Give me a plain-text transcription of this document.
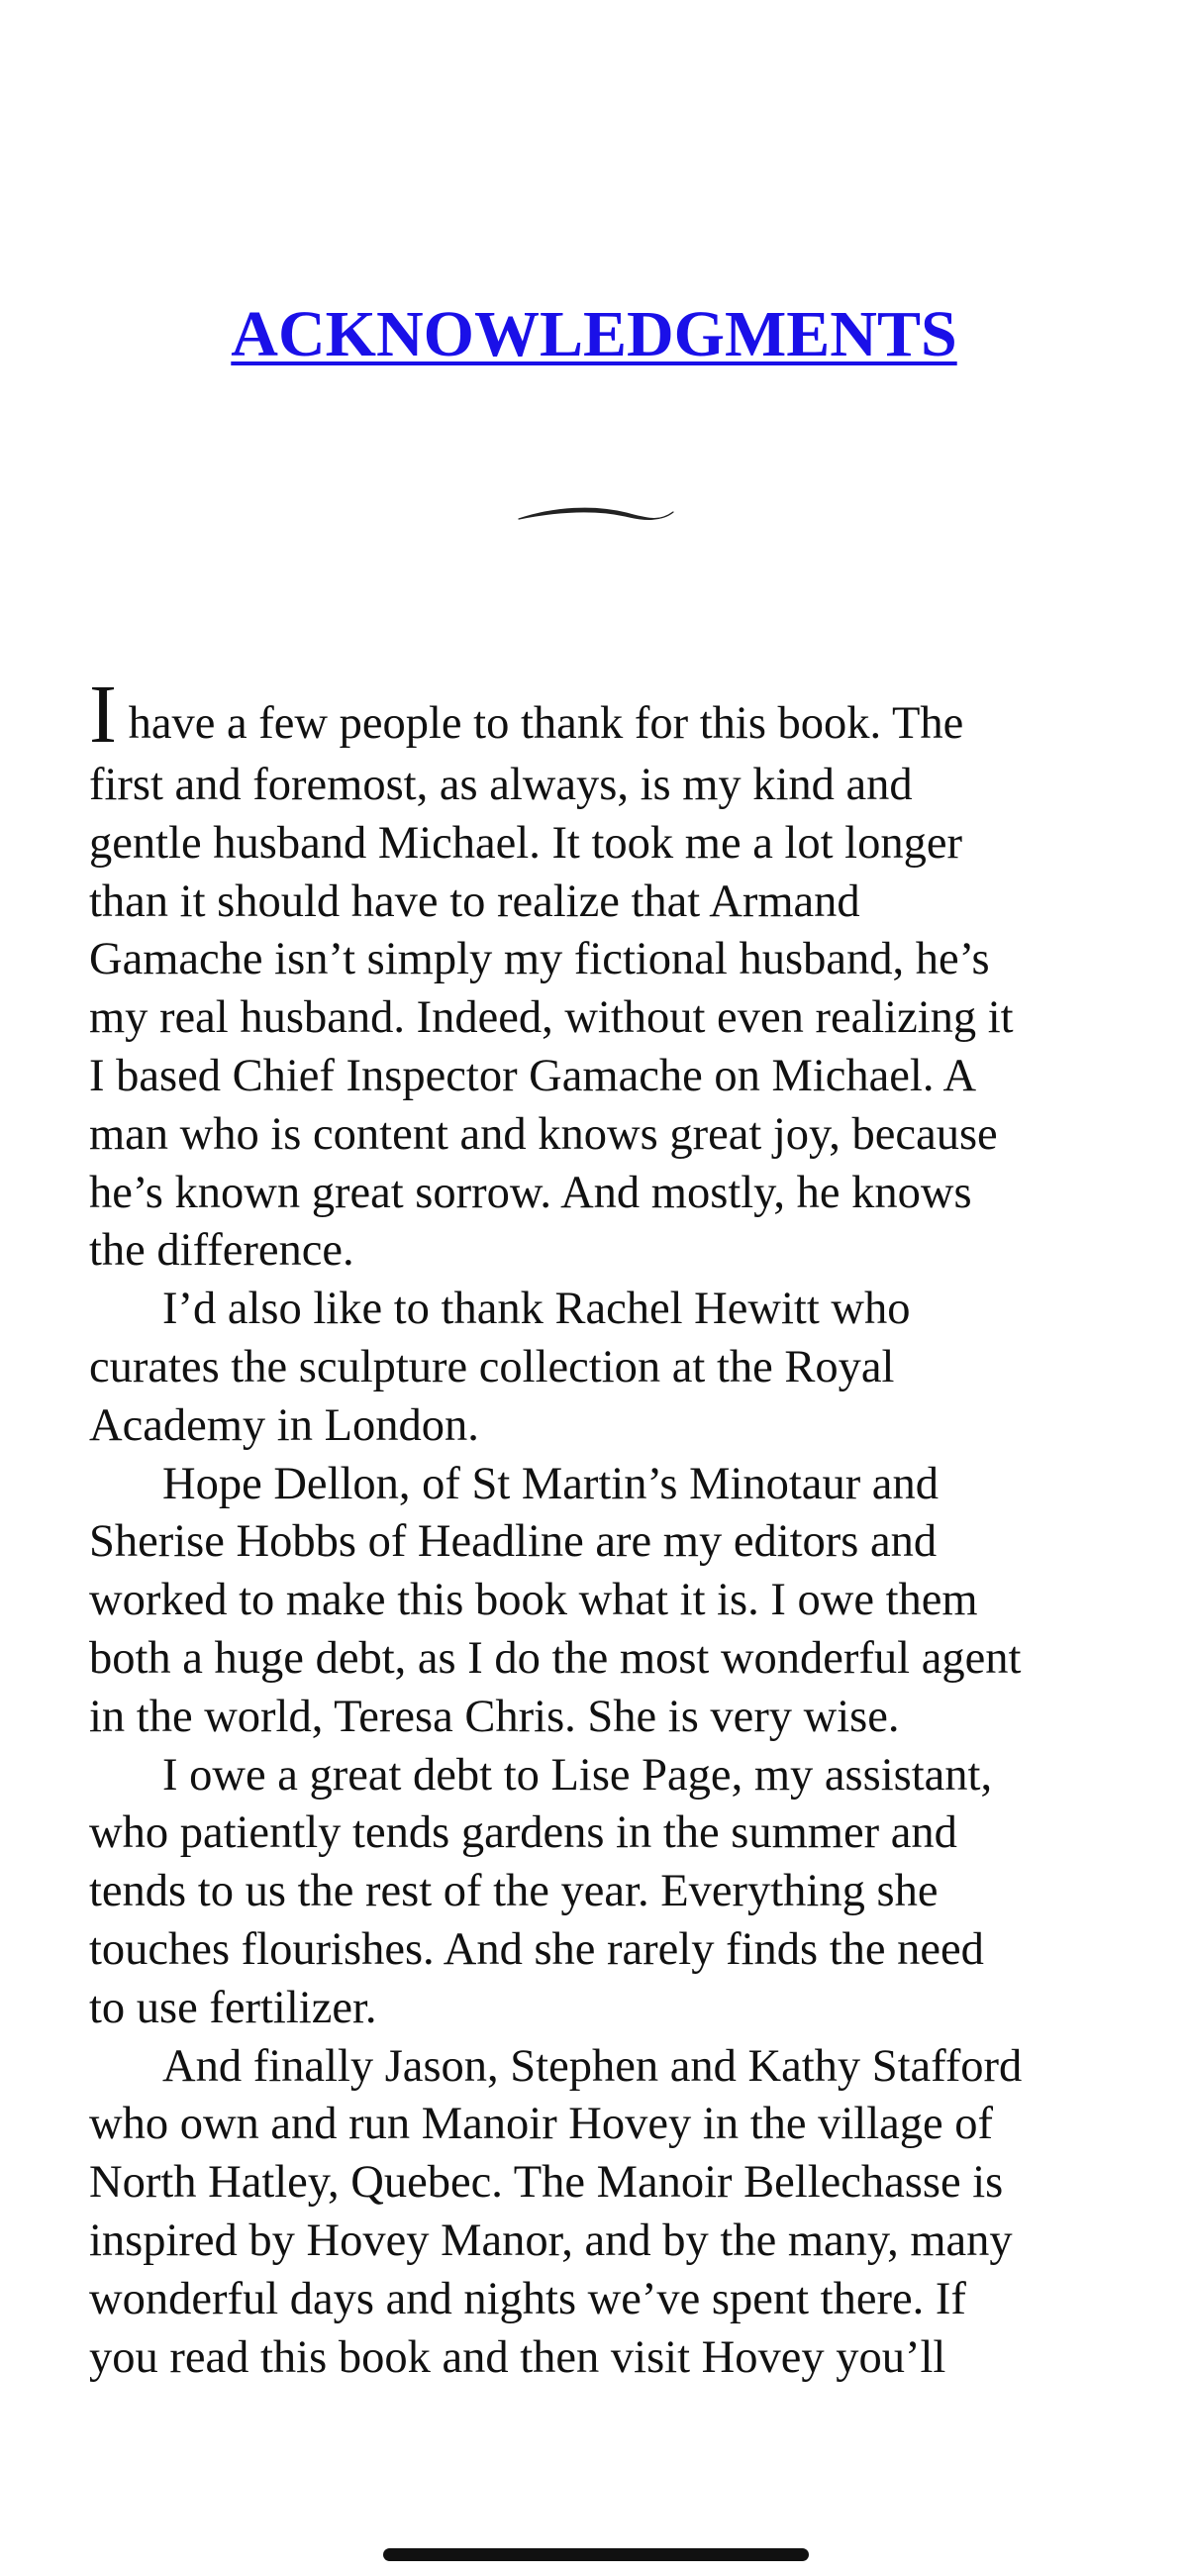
ACKNOWLEDGMENTS

I have a few people to thank for this book. The
first and foremost, as always, is my kind and
gentle husband Michael. It took me a lot longer
than it should have to realize that Armand
Gamache isn’t simply my fictional husband, he’s
my real husband. Indeed, without even realizing it
I based Chief Inspector Gamache on Michael. A
man who is content and knows great joy, because
he’s known great sorrow. And mostly, he knows
the difference.

I’d also like to thank Rachel Hewitt who
curates the sculpture collection at the Royal
Academy in London.

Hope Dellon, of St Martin’s Minotaur and
Sherise Hobbs of Headline are my editors and
worked to make this book what it is. I owe them
both a huge debt, as I do the most wonderful agent
in the world, Teresa Chris. She is very wise.

I owe a great debt to Lise Page, my assistant,
who patiently tends gardens in the summer and
tends to us the rest of the year. Everything she
touches flourishes. And she rarely finds the need
to use fertilizer.

And finally Jason, Stephen and Kathy Stafford
who own and run Manoir Hovey in the village of
North Hatley, Quebec. The Manoir Bellechasse is
inspired by Hovey Manor, and by the many, many
wonderful days and nights we’ve spent there. If
you read this book and then visit Hovey you’ll
